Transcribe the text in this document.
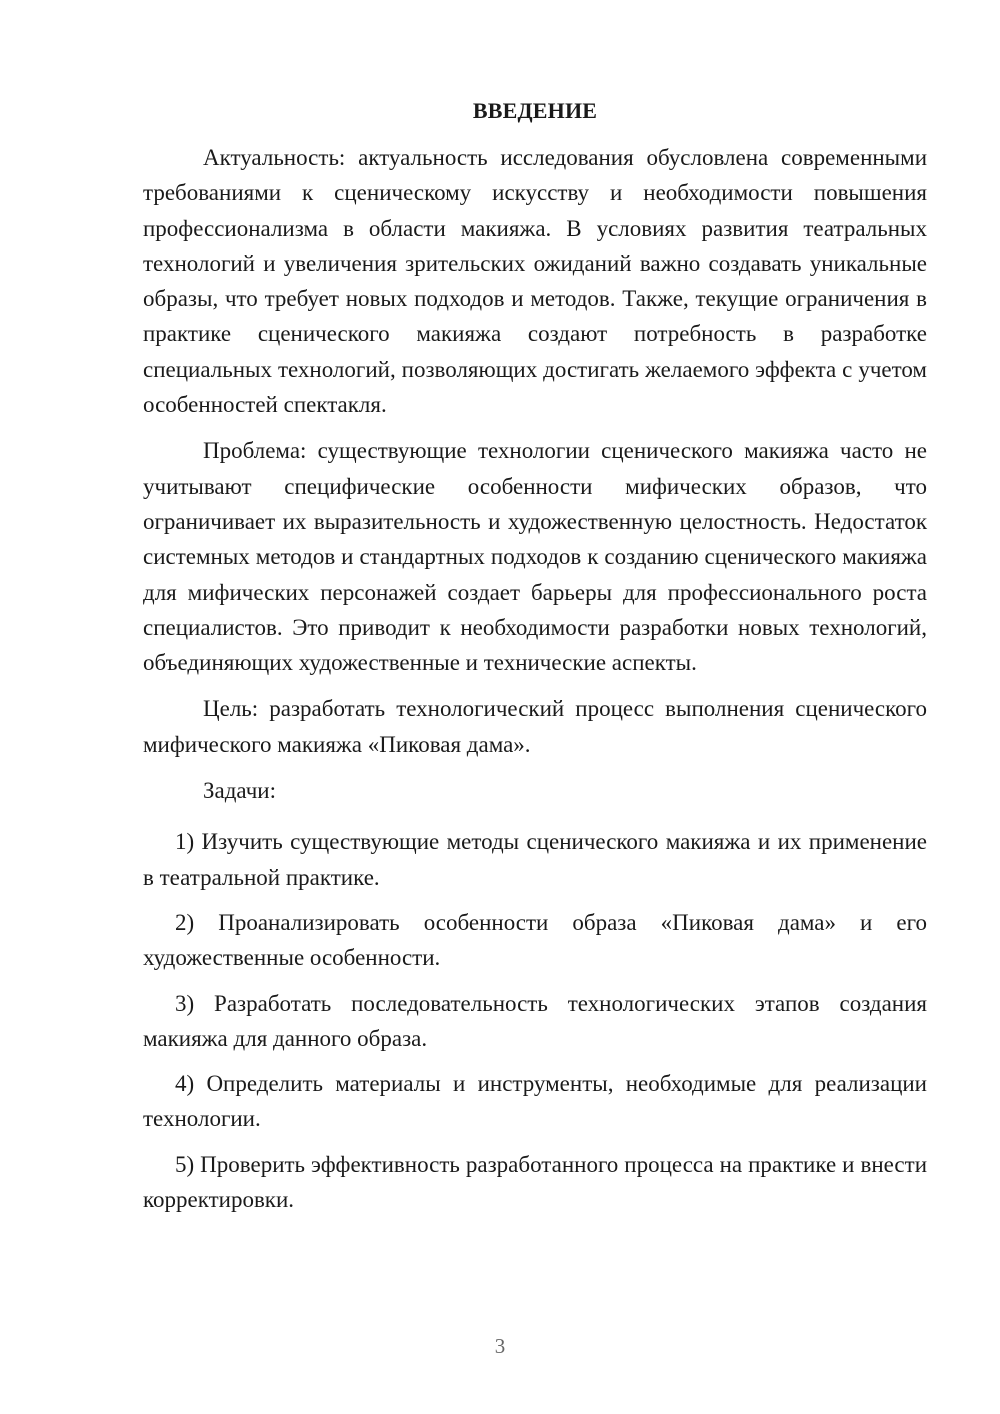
ВВЕДЕНИЕ

Актуальность: актуальность исследования обусловлена современными требованиями к сценическому искусству и необходимости повышения профессионализма в области макияжа. В условиях развития театральных технологий и увеличения зрительских ожиданий важно создавать уникальные образы, что требует новых подходов и методов. Также, текущие ограничения в практике сценического макияжа создают потребность в разработке специальных технологий, позволяющих достигать желаемого эффекта с учетом особенностей спектакля.

Проблема: существующие технологии сценического макияжа часто не учитывают специфические особенности мифических образов, что ограничивает их выразительность и художественную целостность. Недостаток системных методов и стандартных подходов к созданию сценического макияжа для мифических персонажей создает барьеры для профессионального роста специалистов. Это приводит к необходимости разработки новых технологий, объединяющих художественные и технические аспекты.

Цель: разработать технологический процесс выполнения сценического мифического макияжа «Пиковая дама».

Задачи:

1) Изучить существующие методы сценического макияжа и их применение в театральной практике.

2) Проанализировать особенности образа «Пиковая дама» и его художественные особенности.

3) Разработать последовательность технологических этапов создания макияжа для данного образа.

4) Определить материалы и инструменты, необходимые для реализации технологии.

5) Проверить эффективность разработанного процесса на практике и внести корректировки.

3
